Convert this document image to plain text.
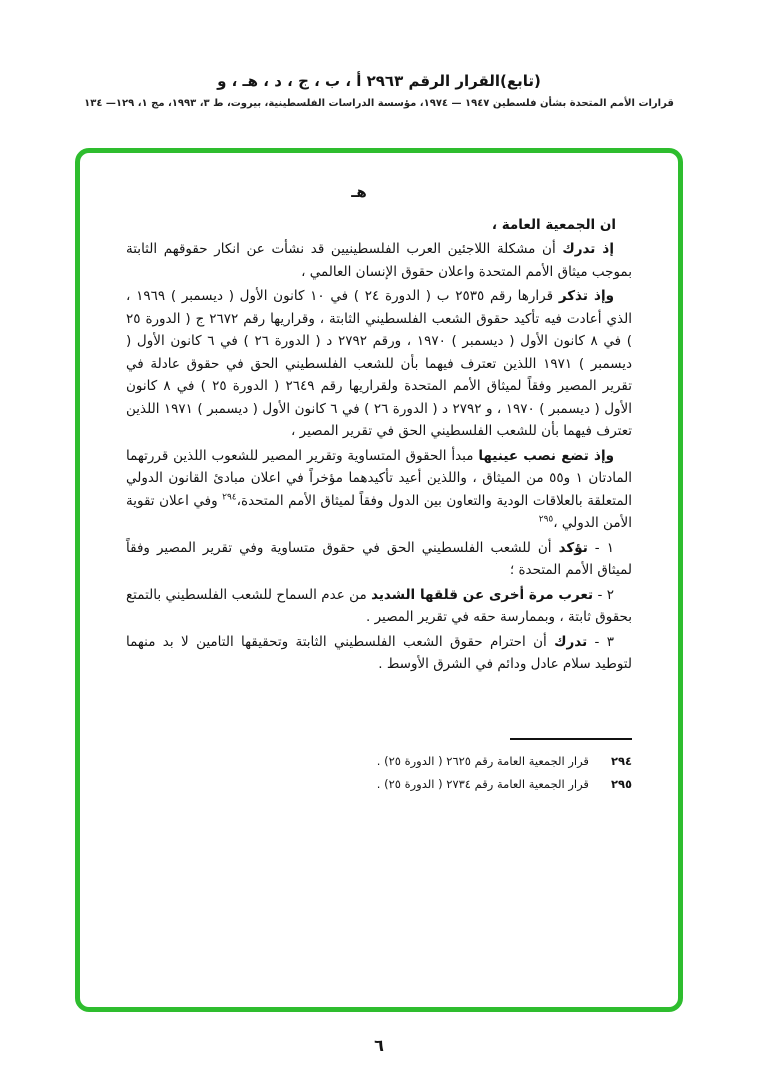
(تابع)القرار الرقم ٢٩٦٣ أ ، ب ، ج ، د ، هـ ، و
قرارات الأمم المتحدة بشأن فلسطين ١٩٤٧ — ١٩٧٤، مؤسسة الدراسات الفلسطينية، بيروت، ط ٣، ١٩٩٣، مج ١، ١٢٩— ١٣٤
هـ

ان الجمعية العامة ،

إذ تدرك أن مشكلة اللاجئين العرب الفلسطينيين قد نشأت عن انكار حقوقهم الثابتة بموجب ميثاق الأمم المتحدة واعلان حقوق الإنسان العالمي ،

وإذ تذكر قرارها رقم ٢٥٣٥ ب ( الدورة ٢٤ ) في ١٠ كانون الأول ( ديسمبر ) ١٩٦٩ ، الذي أعادت فيه تأكيد حقوق الشعب الفلسطيني الثابتة ، وقراريها رقم ٢٦٧٢ ج ( الدورة ٢٥ ) في ٨ كانون الأول ( ديسمبر ) ١٩٧٠ ، ورقم ٢٧٩٢ د ( الدورة ٢٦ ) في ٦ كانون الأول ( ديسمبر ) ١٩٧١ اللذين تعترف فيهما بأن للشعب الفلسطيني الحق في حقوق عادلة في تقرير المصير وفقاً لميثاق الأمم المتحدة ولقراريها رقم ٢٦٤٩ ( الدورة ٢٥ ) في ٨ كانون الأول ( ديسمبر ) ١٩٧٠ ، و ٢٧٩٢ د ( الدورة ٢٦ ) في ٦ كانون الأول ( ديسمبر ) ١٩٧١ اللذين تعترف فيهما بأن للشعب الفلسطيني الحق في تقرير المصير ،

وإذ تضع نصب عينيها مبدأ الحقوق المتساوية وتقرير المصير للشعوب اللذين قررتهما المادتان ١ و٥٥ من الميثاق ، واللذين أعيد تأكيدهما مؤخراً في اعلان مبادئ القانون الدولي المتعلقة بالعلاقات الودية والتعاون بين الدول وفقاً لميثاق الأمم المتحدة،$^{٢٩٤}$ وفي اعلان تقوية الأمن الدولي ،$^{٢٩٥}$

١ - تؤكد أن للشعب الفلسطيني الحق في حقوق متساوية وفي تقرير المصير وفقاً لميثاق الأمم المتحدة ؛

٢ - تعرب مرة أخرى عن قلقها الشديد من عدم السماح للشعب الفلسطيني بالتمتع بحقوق ثابتة ، وبممارسة حقه في تقرير المصير .

٣ - تدرك أن احترام حقوق الشعب الفلسطيني الثابتة وتحقيقها التامين لا بد منهما لتوطيد سلام عادل ودائم في الشرق الأوسط .

٢٩٤قرار الجمعية العامة رقم ٢٦٢٥ ( الدورة ٢٥) .
٢٩٥قرار الجمعية العامة رقم ٢٧٣٤ ( الدورة ٢٥) .
٦
